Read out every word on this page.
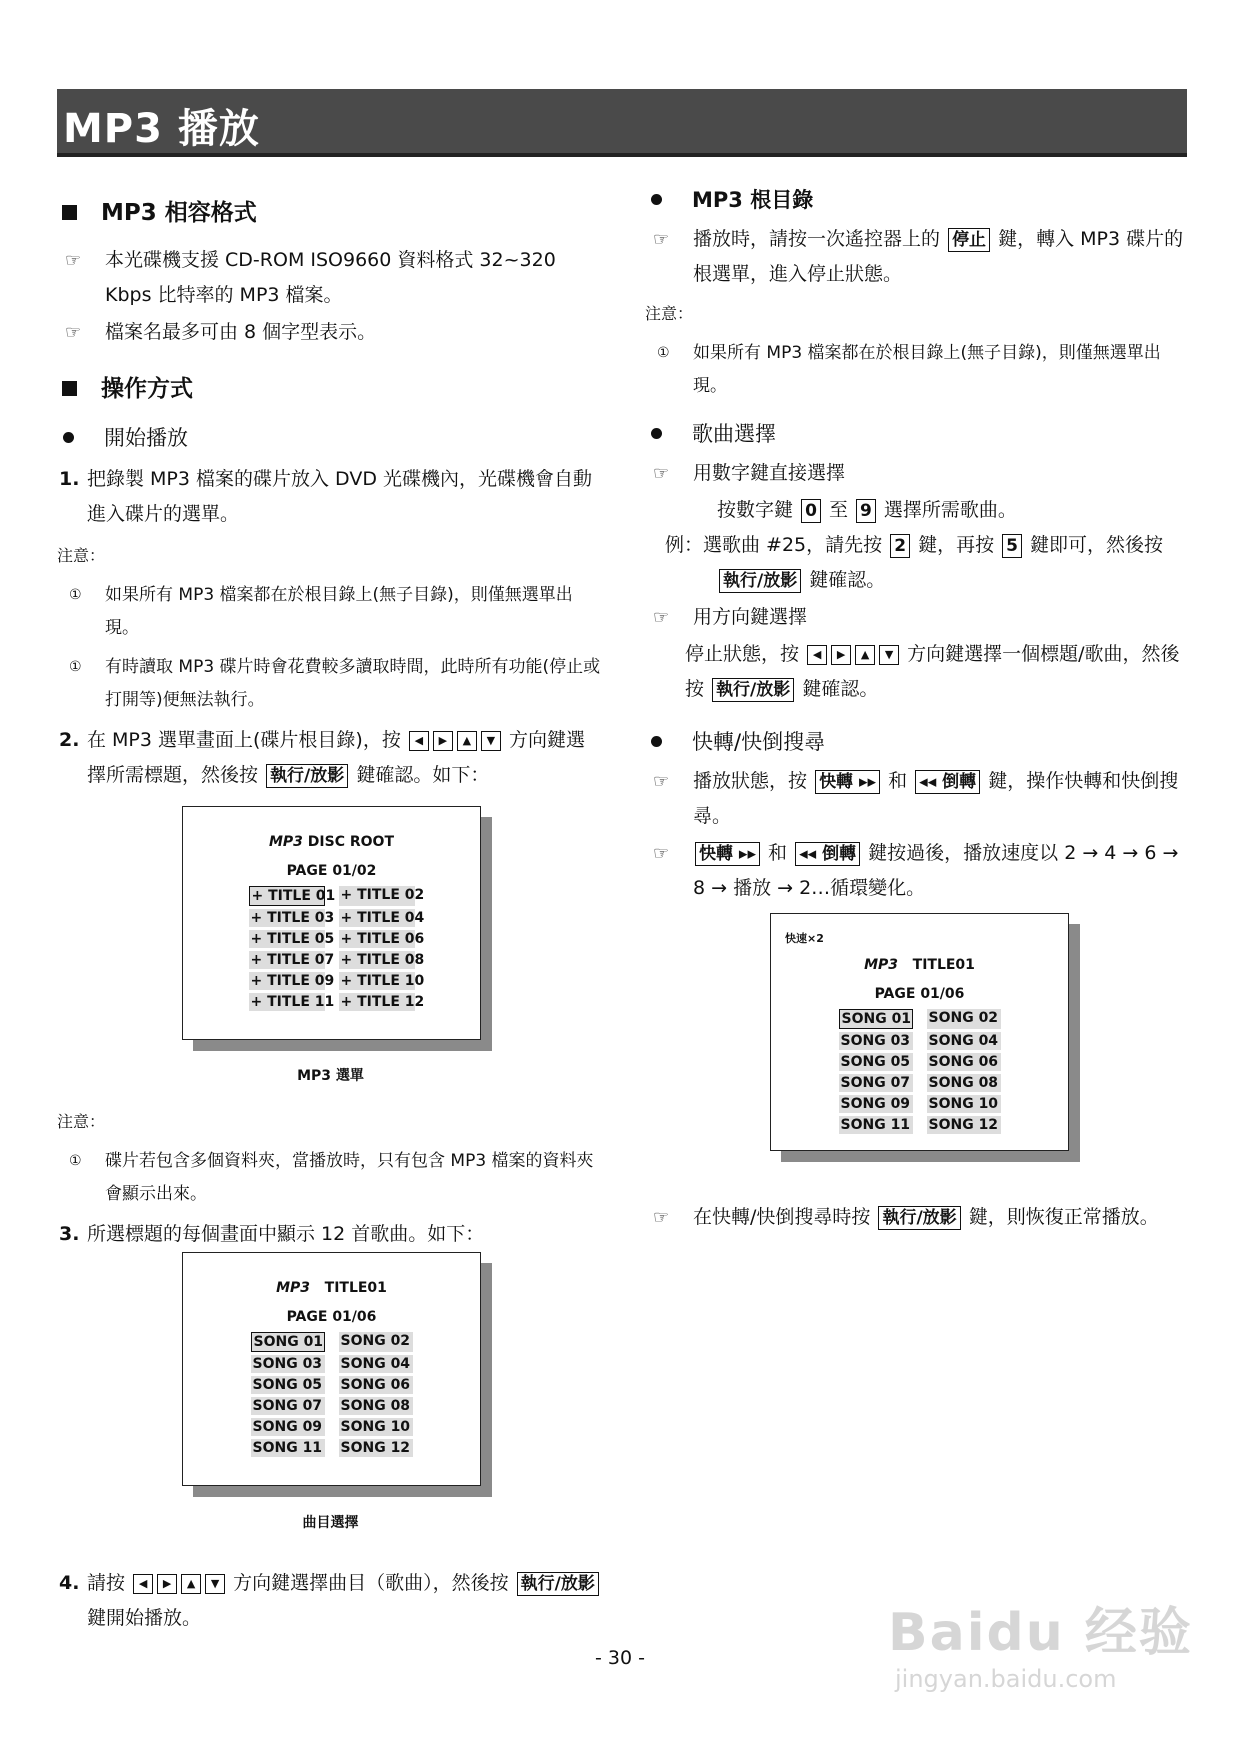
MP3 播放
MP3 相容格式
☞ 本光碟機支援 CD-ROM ISO9660 資料格式 32~320 Kbps 比特率的 MP3 檔案。
☞ 檔案名最多可由 8 個字型表示。
操作方式
開始播放
1. 把錄製 MP3 檔案的碟片放入 DVD 光碟機內，光碟機會自動進入碟片的選單。
注意：
① 如果所有 MP3 檔案都在於根目錄上(無子目錄)，則僅無選單出現。
① 有時讀取 MP3 碟片時會花費較多讀取時間，此時所有功能(停止或打開等)便無法執行。
2. 在 MP3 選單畫面上(碟片根目錄)，按 ◀ ▶ ▲ ▼ 方向鍵選擇所需標題，然後按 執行/放影 鍵確認。如下：
MP3 DISC ROOT
PAGE 01/02
+ TITLE 01 + TITLE 02
+ TITLE 03 + TITLE 04
+ TITLE 05 + TITLE 06
+ TITLE 07 + TITLE 08
+ TITLE 09 + TITLE 10
+ TITLE 11 + TITLE 12
MP3 選單
注意：
① 碟片若包含多個資料夾，當播放時，只有包含 MP3 檔案的資料夾會顯示出來。
3. 所選標題的每個畫面中顯示 12 首歌曲。如下：
MP3 TITLE01
PAGE 01/06
SONG 01 SONG 02
SONG 03 SONG 04
SONG 05 SONG 06
SONG 07 SONG 08
SONG 09 SONG 10
SONG 11 SONG 12
曲目選擇
4. 請按 ◀ ▶ ▲ ▼ 方向鍵選擇曲目（歌曲），然後按 執行/放影 鍵開始播放。
MP3 根目錄
☞ 播放時，請按一次遙控器上的 停止 鍵，轉入 MP3 碟片的根選單，進入停止狀態。
注意：
① 如果所有 MP3 檔案都在於根目錄上(無子目錄)，則僅無選單出現。
歌曲選擇
☞ 用數字鍵直接選擇
按數字鍵 0 至 9 選擇所需歌曲。
例：選歌曲 #25，請先按 2 鍵，再按 5 鍵即可，然後按
執行/放影 鍵確認。
☞ 用方向鍵選擇
停止狀態，按 ◀ ▶ ▲ ▼ 方向鍵選擇一個標題/歌曲，然後按 執行/放影 鍵確認。
快轉/快倒搜尋
☞ 播放狀態，按 快轉 ▸▸ 和 ◂◂ 倒轉 鍵，操作快轉和快倒搜尋。
☞ 快轉 ▸▸ 和 ◂◂ 倒轉 鍵按過後，播放速度以 2 → 4 → 6 → 8 → 播放 → 2…循環變化。
快速×2
MP3 TITLE01
PAGE 01/06
SONG 01 SONG 02
SONG 03 SONG 04
SONG 05 SONG 06
SONG 07 SONG 08
SONG 09 SONG 10
SONG 11 SONG 12
☞ 在快轉/快倒搜尋時按 執行/放影 鍵，則恢復正常播放。
- 30 -	Baidu 经验
jingyan.baidu.com
